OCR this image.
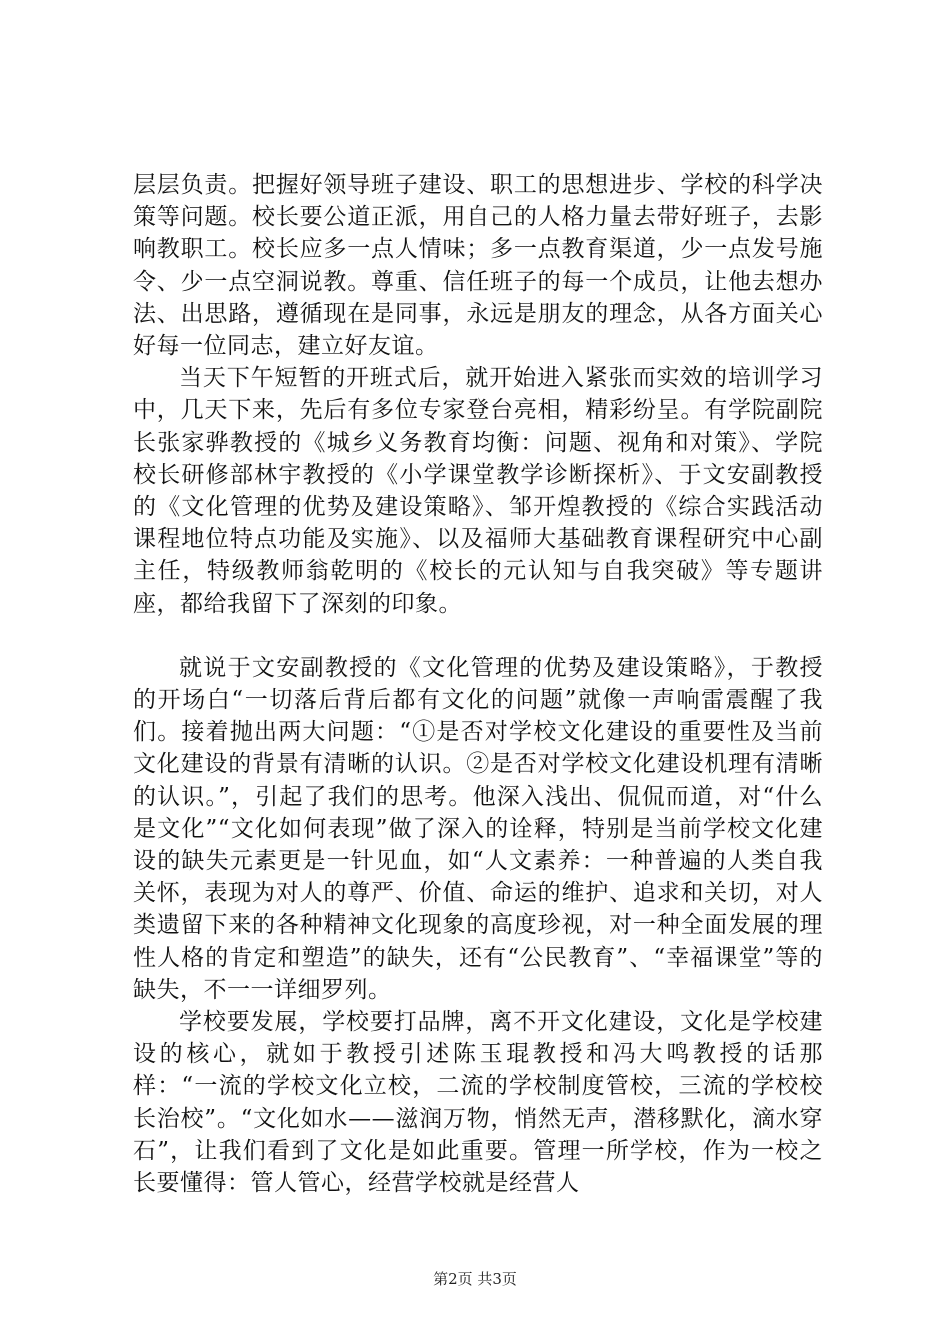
层层负责。把握好领导班子建设、职工的思想进步、学校的科学决策等问题。校长要公道正派，用自己的人格力量去带好班子，去影响教职工。校长应多一点人情味；多一点教育渠道，少一点发号施令、少一点空洞说教。尊重、信任班子的每一个成员，让他去想办法、出思路，遵循现在是同事，永远是朋友的理念，从各方面关心好每一位同志，建立好友谊。

当天下午短暂的开班式后，就开始进入紧张而实效的培训学习中，几天下来，先后有多位专家登台亮相，精彩纷呈。有学院副院长张家骅教授的《城乡义务教育均衡：问题、视角和对策》、学院校长研修部林宇教授的《小学课堂教学诊断探析》、于文安副教授的《文化管理的优势及建设策略》、邹开煌教授的《综合实践活动课程地位特点功能及实施》、以及福师大基础教育课程研究中心副主任，特级教师翁乾明的《校长的元认知与自我突破》等专题讲座，都给我留下了深刻的印象。

就说于文安副教授的《文化管理的优势及建设策略》，于教授的开场白“一切落后背后都有文化的问题”就像一声响雷震醒了我们。接着抛出两大问题：“①是否对学校文化建设的重要性及当前文化建设的背景有清晰的认识。②是否对学校文化建设机理有清晰的认识。”，引起了我们的思考。他深入浅出、侃侃而道，对“什么是文化”“文化如何表现”做了深入的诠释，特别是当前学校文化建设的缺失元素更是一针见血，如“人文素养：一种普遍的人类自我关怀，表现为对人的尊严、价值、命运的维护、追求和关切，对人类遗留下来的各种精神文化现象的高度珍视，对一种全面发展的理性人格的肯定和塑造”的缺失，还有“公民教育”、“幸福课堂”等的缺失，不一一详细罗列。

学校要发展，学校要打品牌，离不开文化建设，文化是学校建设的核心，就如于教授引述陈玉琨教授和冯大鸣教授的话那样：“一流的学校文化立校，二流的学校制度管校，三流的学校校长治校”。“文化如水——滋润万物，悄然无声，潜移默化，滴水穿石”，让我们看到了文化是如此重要。管理一所学校，作为一校之长要懂得：管人管心，经营学校就是经营人

第2页 共3页
